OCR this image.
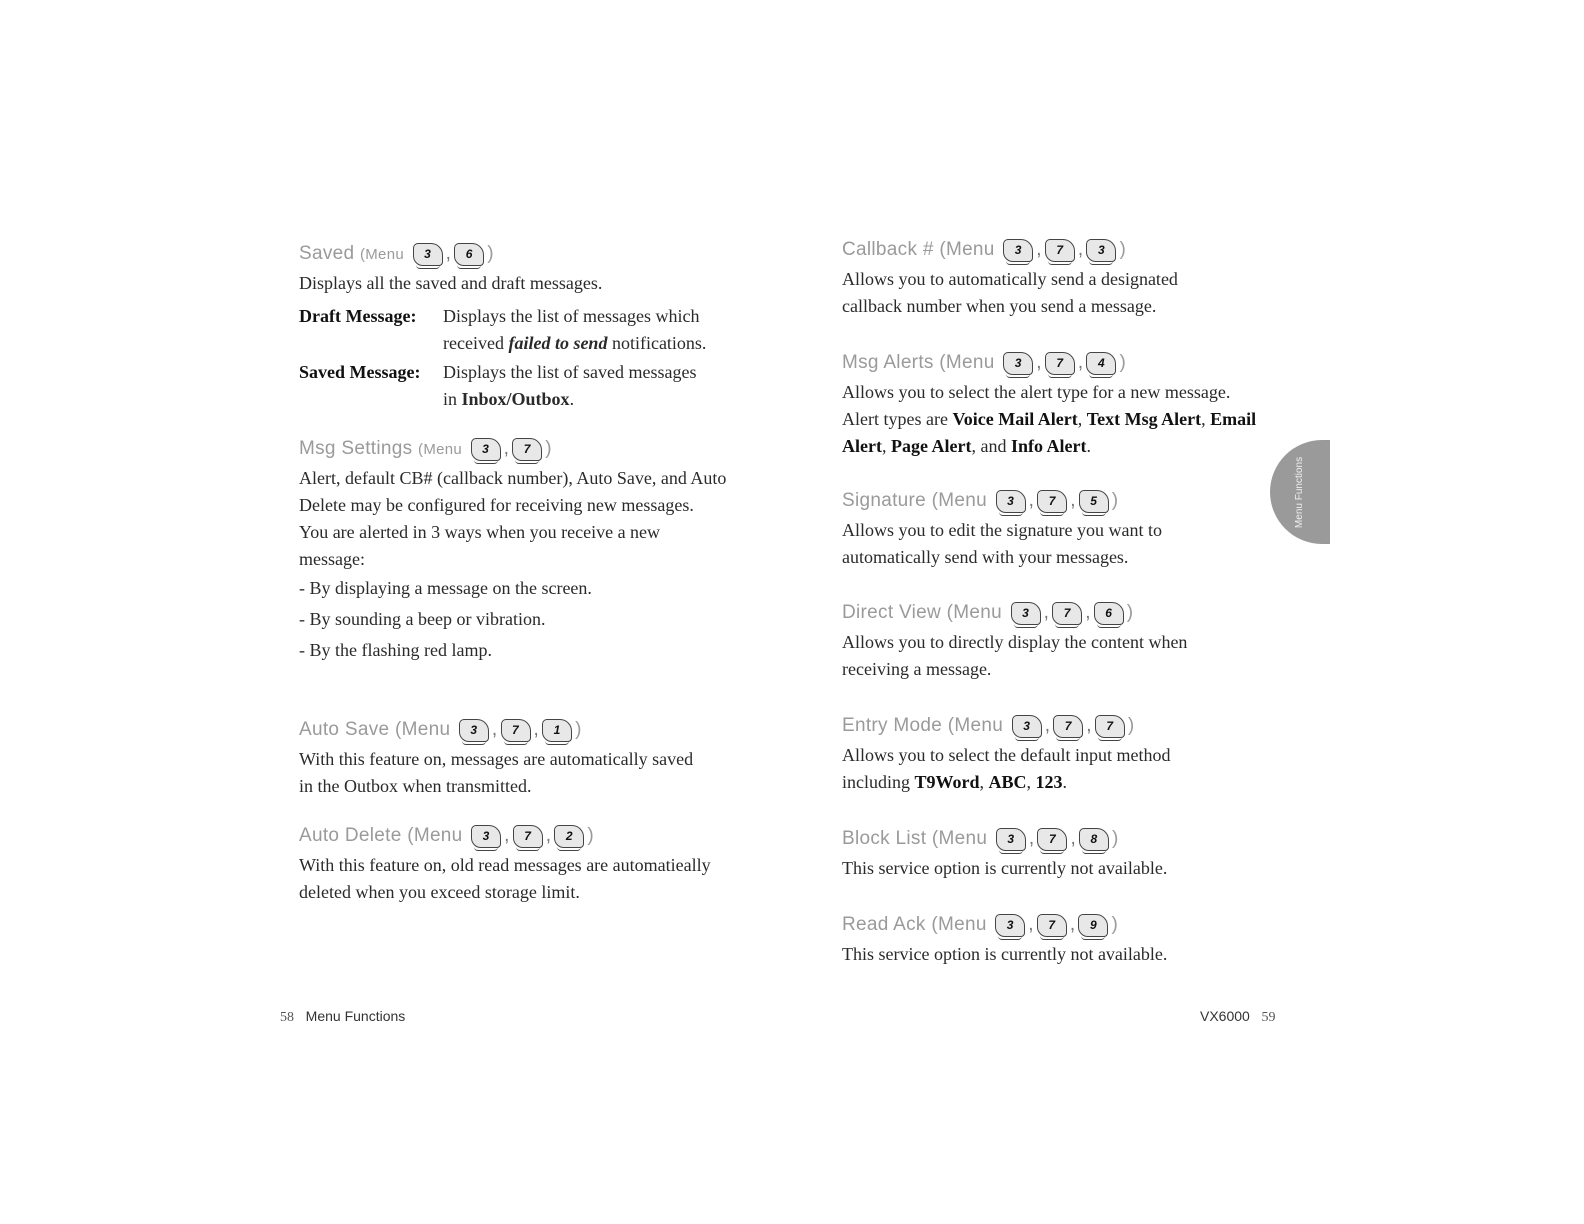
Saved
(Menu
	3 ,	6 )
Displays all the saved and draft messages.
Draft Message:	Displays the list of messages which
received failed to send notifications.
Saved Message:	Displays the list of saved messages
in Inbox/Outbox.
Msg Settings
(Menu
	3 ,	7 )
Alert, default CB# (callback number), Auto Save, and Auto Delete may be configured for receiving new messages.
You are alerted in 3 ways when you receive a new message:
- By displaying a message on the screen.
- By sounding a beep or vibration.
- By the flashing red lamp.
Auto Save
(Menu
	3 ,	7 ,	1 )
With this feature on, messages are automatically saved in the Outbox when transmitted.
Auto Delete
(Menu
	3 ,	7 ,	2 )
With this feature on, old read messages are automatieally deleted when you exceed storage limit.
58 Menu Functions
Callback #
(Menu
	3 ,	7 ,	3 )
Allows you to automatically send a designated callback number when you send a message.
Msg Alerts
(Menu
	3 ,	7 ,	4 )
Allows you to select the alert type for a new message. Alert types are Voice Mail Alert, Text Msg Alert, Email Alert, Page Alert, and Info Alert.
Signature
(Menu
	3 ,	7 ,	5 )
Allows you to edit the signature you want to automatically send with your messages.
Direct View
(Menu
	3 ,	7 ,	6 )
Allows you to directly display the content when receiving a message.
Entry Mode
(Menu
	3 ,	7 ,	7 )
Allows you to select the default input method including T9Word, ABC, 123.
Block List
(Menu
	3 ,	7 ,	8 )
This service option is currently not available.
Read Ack
(Menu
	3 ,	7 ,	9 )
This service option is currently not available.
VX6000 59
Menu Functions
